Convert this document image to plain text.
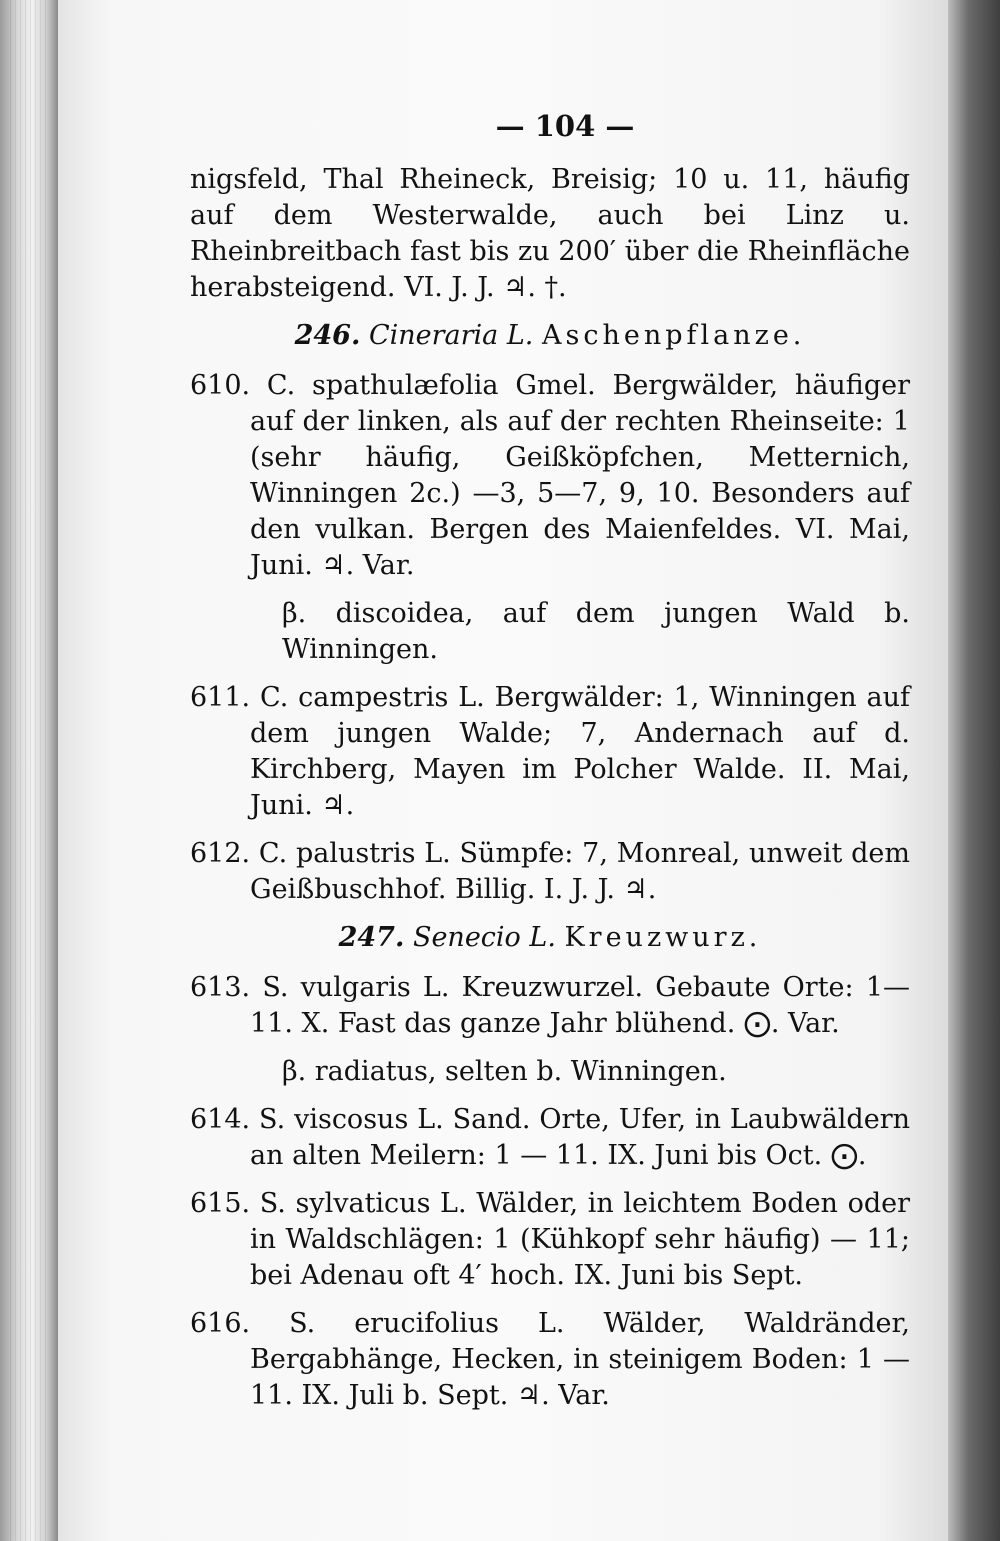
— 104 —
nigsfeld, Thal Rheineck, Breisig; 10 u. 11, häufig auf dem Westerwalde, auch bei Linz u. Rheinbreitbach fast bis zu 200′ über die Rheinfläche herabsteigend. VI. J. J. ♃. †.
246. Cineraria L. Aschenpflanze.
610. C. spathulæfolia Gmel. Bergwälder, häufiger auf der linken, als auf der rechten Rheinseite: 1 (sehr häufig, Geißköpfchen, Metternich, Winningen 2c.) —3, 5—7, 9, 10. Besonders auf den vulkan. Bergen des Maienfeldes. VI. Mai, Juni. ♃. Var.
β. discoidea, auf dem jungen Wald b. Winningen.
611. C. campestris L. Bergwälder: 1, Winningen auf dem jungen Walde; 7, Andernach auf d. Kirchberg, Mayen im Polcher Walde. II. Mai, Juni. ♃.
612. C. palustris L. Sümpfe: 7, Monreal, unweit dem Geißbuschhof. Billig. I. J. J. ♃.
247. Senecio L. Kreuzwurz.
613. S. vulgaris L. Kreuzwurzel. Gebaute Orte: 1—11. X. Fast das ganze Jahr blühend. ⨀. Var.
β. radiatus, selten b. Winningen.
614. S. viscosus L. Sand. Orte, Ufer, in Laubwäldern an alten Meilern: 1 — 11. IX. Juni bis Oct. ⨀.
615. S. sylvaticus L. Wälder, in leichtem Boden oder in Waldschlägen: 1 (Kühkopf sehr häufig) — 11; bei Adenau oft 4′ hoch. IX. Juni bis Sept.
616. S. erucifolius L. Wälder, Waldränder, Bergabhänge, Hecken, in steinigem Boden: 1 — 11. IX. Juli b. Sept. ♃. Var.
